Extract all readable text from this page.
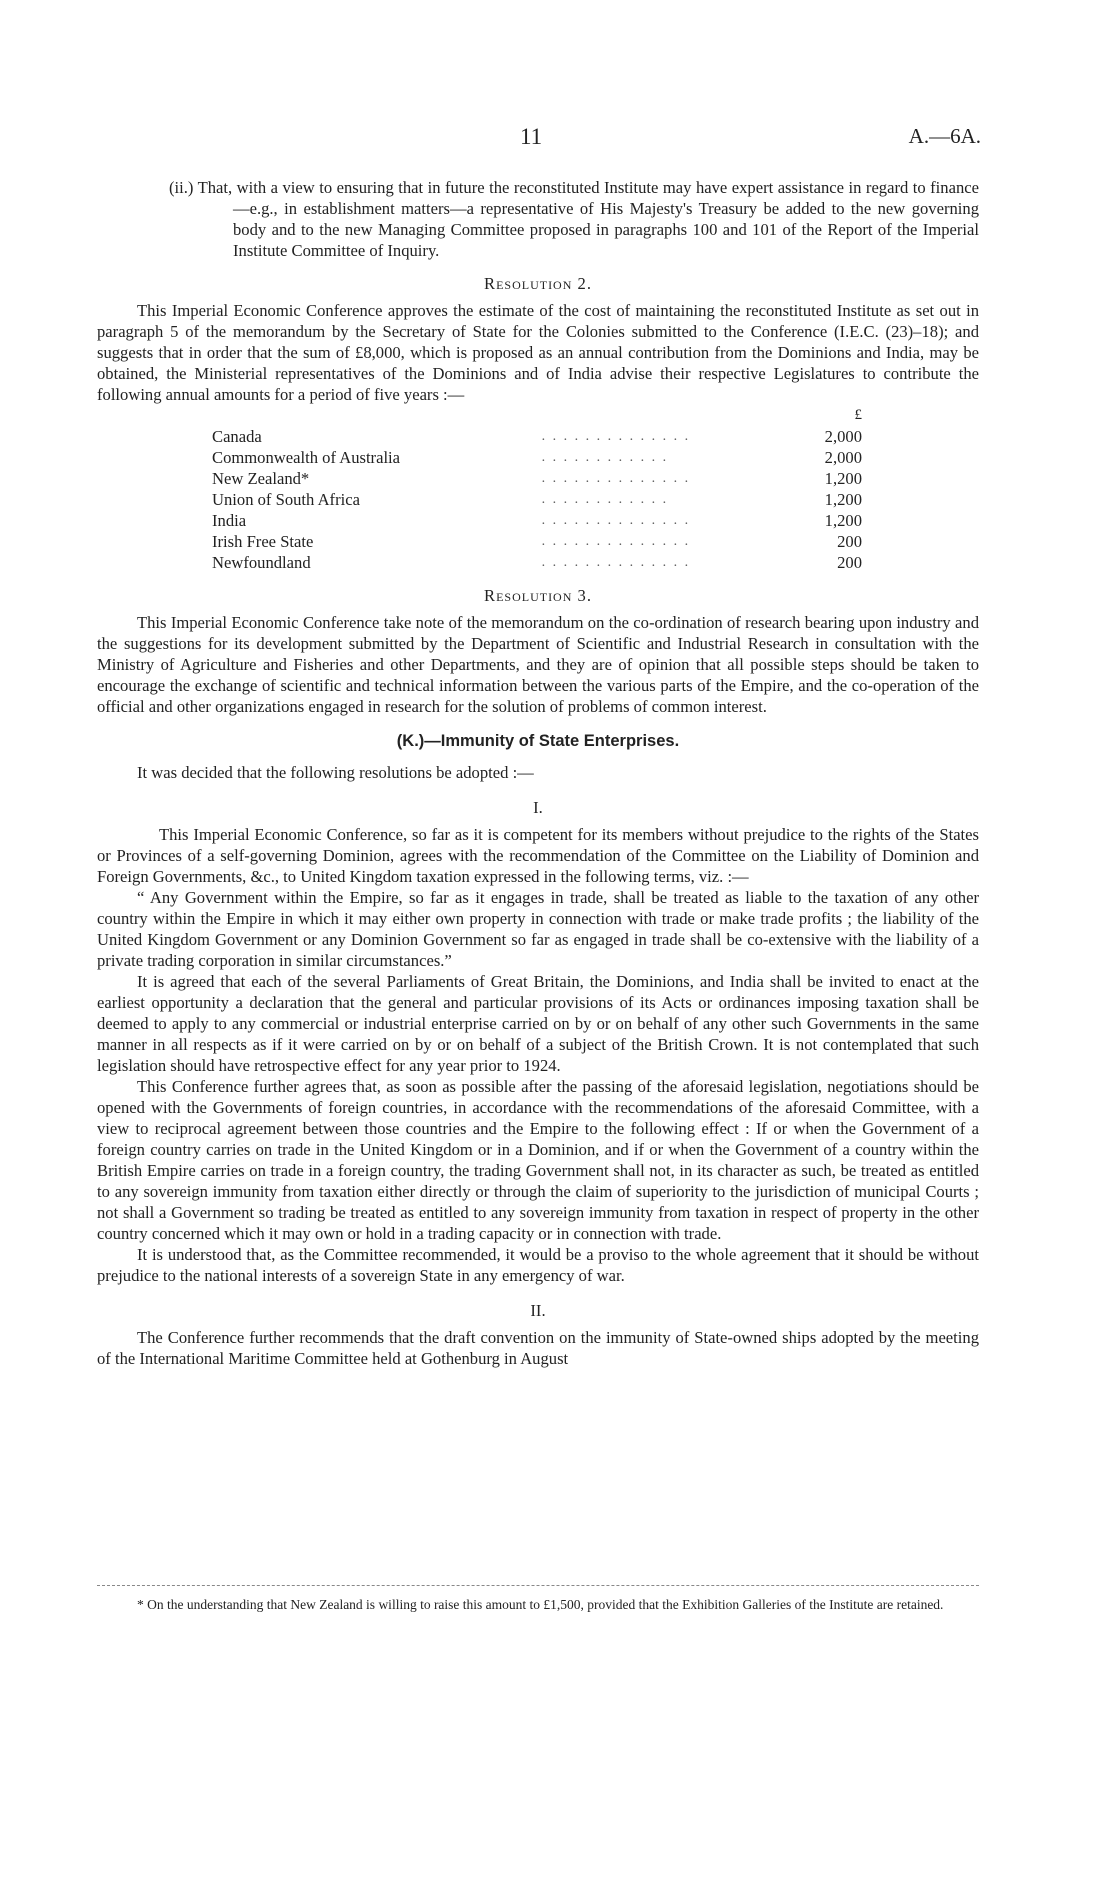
11	A.—6A.

(ii.) That, with a view to ensuring that in future the reconstituted Institute may have expert assistance in regard to finance—e.g., in establishment matters—a representative of His Majesty's Treasury be added to the new governing body and to the new Managing Committee proposed in paragraphs 100 and 101 of the Report of the Imperial Institute Committee of Inquiry.

Resolution 2.

This Imperial Economic Conference approves the estimate of the cost of maintaining the reconstituted Institute as set out in paragraph 5 of the memorandum by the Secretary of State for the Colonies submitted to the Conference (I.E.C. (23)–18); and suggests that in order that the sum of £8,000, which is proposed as an annual contribution from the Dominions and India, may be obtained, the Ministerial representatives of the Dominions and of India advise their respective Legislatures to contribute the following annual amounts for a period of five years :—

		£
Canada	. . . . . . . . . . . . . .	2,000
Commonwealth of Australia	. . . . . . . . . . . .	2,000
New Zealand*	. . . . . . . . . . . . . .	1,200
Union of South Africa	. . . . . . . . . . . .	1,200
India	. . . . . . . . . . . . . .	1,200
Irish Free State	. . . . . . . . . . . . . .	200
Newfoundland	. . . . . . . . . . . . . .	200
Resolution 3.

This Imperial Economic Conference take note of the memorandum on the co-ordination of research bearing upon industry and the suggestions for its development submitted by the Department of Scientific and Industrial Research in consultation with the Ministry of Agriculture and Fisheries and other Departments, and they are of opinion that all possible steps should be taken to encourage the exchange of scientific and technical information between the various parts of the Empire, and the co-operation of the official and other organizations engaged in research for the solution of problems of common interest.

(K.)—Immunity of State Enterprises.

It was decided that the following resolutions be adopted :—

I.

This Imperial Economic Conference, so far as it is competent for its members without prejudice to the rights of the States or Provinces of a self-governing Dominion, agrees with the recommendation of the Committee on the Liability of Dominion and Foreign Governments, &c., to United Kingdom taxation expressed in the following terms, viz. :—

“ Any Government within the Empire, so far as it engages in trade, shall be treated as liable to the taxation of any other country within the Empire in which it may either own property in connection with trade or make trade profits ; the liability of the United Kingdom Government or any Dominion Government so far as engaged in trade shall be co-extensive with the liability of a private trading corporation in similar circumstances.”

It is agreed that each of the several Parliaments of Great Britain, the Dominions, and India shall be invited to enact at the earliest opportunity a declaration that the general and particular provisions of its Acts or ordinances imposing taxation shall be deemed to apply to any commercial or industrial enterprise carried on by or on behalf of any other such Governments in the same manner in all respects as if it were carried on by or on behalf of a subject of the British Crown. It is not contemplated that such legislation should have retrospective effect for any year prior to 1924.

This Conference further agrees that, as soon as possible after the passing of the aforesaid legislation, negotiations should be opened with the Governments of foreign countries, in accordance with the recommendations of the aforesaid Committee, with a view to reciprocal agreement between those countries and the Empire to the following effect : If or when the Government of a foreign country carries on trade in the United Kingdom or in a Dominion, and if or when the Government of a country within the British Empire carries on trade in a foreign country, the trading Government shall not, in its character as such, be treated as entitled to any sovereign immunity from taxation either directly or through the claim of superiority to the jurisdiction of municipal Courts ; not shall a Government so trading be treated as entitled to any sovereign immunity from taxation in respect of property in the other country concerned which it may own or hold in a trading capacity or in connection with trade.

It is understood that, as the Committee recommended, it would be a proviso to the whole agreement that it should be without prejudice to the national interests of a sovereign State in any emergency of war.

II.

The Conference further recommends that the draft convention on the immunity of State-owned ships adopted by the meeting of the International Maritime Committee held at Gothenburg in August

* On the understanding that New Zealand is willing to raise this amount to £1,500, provided that the Exhibition Galleries of the Institute are retained.
